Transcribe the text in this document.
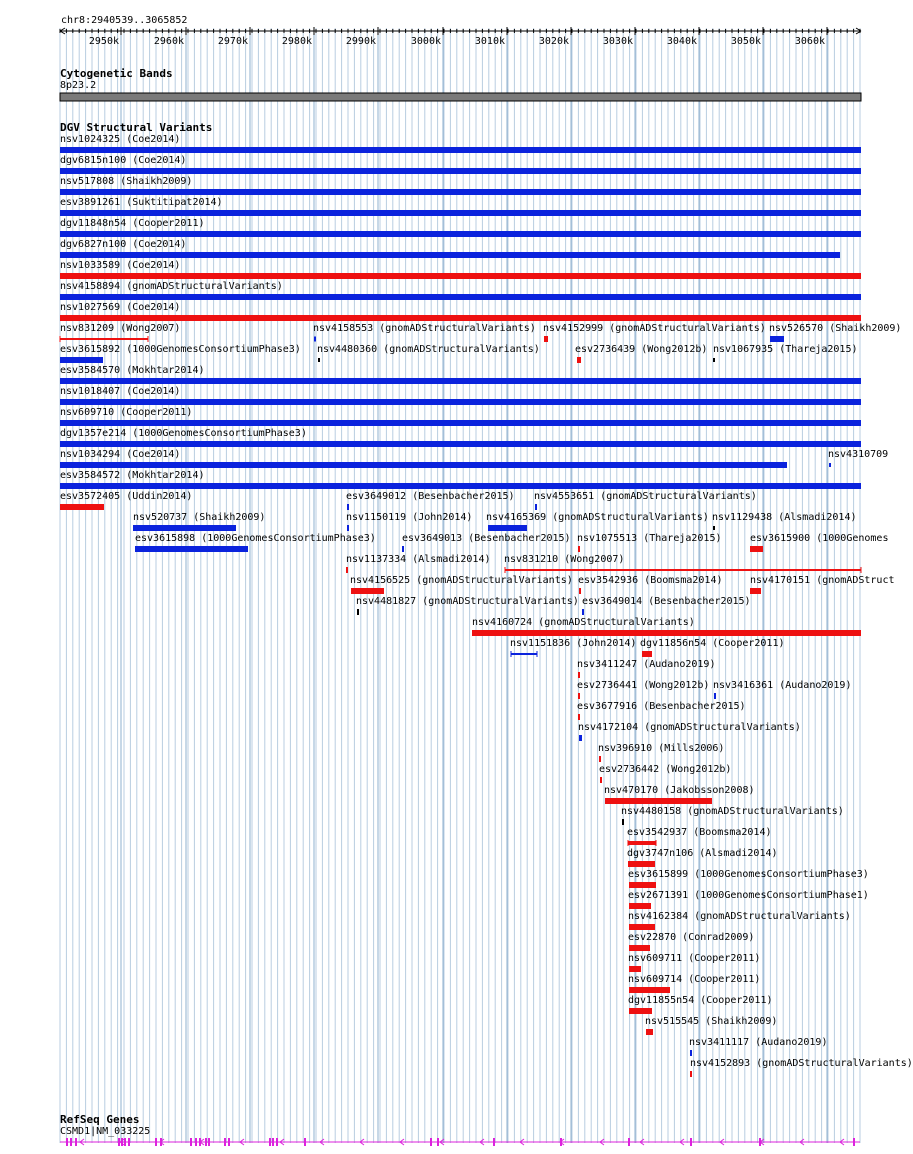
2950k	2960k	2970k	2980k	2990k	3000k	3010k	3020k	3030k	3040k	3050k	3060k
chr8:2940539..3065852
Cytogenetic Bands
8p23.2
DGV Structural Variants
RefSeq Genes
CSMD1|NM_033225
nsv1024325 (Coe2014)
dgv6815n100 (Coe2014)
nsv517808 (Shaikh2009)
esv3891261 (Suktitipat2014)
dgv11848n54 (Cooper2011)
dgv6827n100 (Coe2014)
nsv1033589 (Coe2014)
nsv4158894 (gnomADStructuralVariants)
nsv1027569 (Coe2014)
nsv831209 (Wong2007)	nsv4158553 (gnomADStructuralVariants) nsv4152999 (gnomADStructuralVariants) nsv526570 (Shaikh2009)
esv3615892 (1000GenomesConsortiumPhase3) nsv4480360 (gnomADStructuralVariants)	esv2736439 (Wong2012b) nsv1067935 (Thareja2015)
esv3584570 (Mokhtar2014)
nsv1018407 (Coe2014)
nsv609710 (Cooper2011)
dgv1357e214 (1000GenomesConsortiumPhase3)
nsv1034294 (Coe2014)	nsv4310709
esv3584572 (Mokhtar2014)
esv3572405 (Uddin2014)	esv3649012 (Besenbacher2015) nsv4553651 (gnomADStructuralVariants)
nsv520737 (Shaikh2009)	nsv1150119 (John2014) nsv4165369 (gnomADStructuralVariants) nsv1129438 (Alsmadi2014)
esv3615898 (1000GenomesConsortiumPhase3)	esv3649013 (Besenbacher2015) nsv1075513 (Thareja2015)	esv3615900 (1000Genomes
nsv1137334 (Alsmadi2014) nsv831210 (Wong2007)
nsv4156525 (gnomADStructuralVariants) esv3542936 (Boomsma2014)	nsv4170151 (gnomADStruct
nsv4481827 (gnomADStructuralVariants) esv3649014 (Besenbacher2015)
nsv4160724 (gnomADStructuralVariants)
nsv1151836 (John2014) dgv11856n54 (Cooper2011)
nsv3411247 (Audano2019)
esv2736441 (Wong2012b) nsv3416361 (Audano2019)
esv3677916 (Besenbacher2015)
nsv4172104 (gnomADStructuralVariants)
nsv396910 (Mills2006)
esv2736442 (Wong2012b)
nsv470170 (Jakobsson2008)
nsv4480158 (gnomADStructuralVariants)
esv3542937 (Boomsma2014)
dgv3747n106 (Alsmadi2014)
esv3615899 (1000GenomesConsortiumPhase3)
esv2671391 (1000GenomesConsortiumPhase1)
nsv4162384 (gnomADStructuralVariants)
esv22870 (Conrad2009)
nsv609711 (Cooper2011)
nsv609714 (Cooper2011)
dgv11855n54 (Cooper2011)
nsv515545 (Shaikh2009)
nsv3411117 (Audano2019)
nsv4152893 (gnomADStructuralVariants)
